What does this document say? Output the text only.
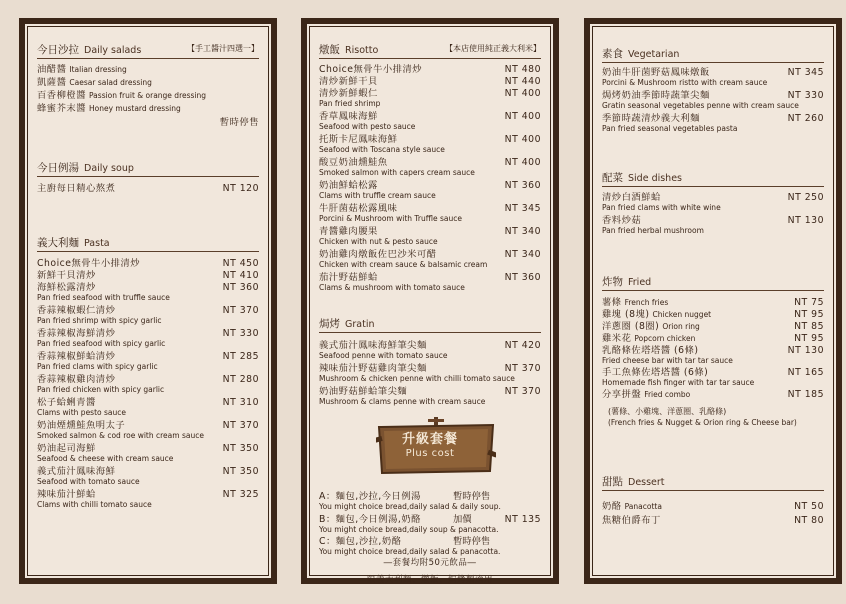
今日沙拉 Daily salads	【手工醬汁四選一】
油醋醬 Italian dressing
凱薩醬 Caesar salad dressing
百香柳橙醬 Passion fruit & orange dressing
蜂蜜芥末醬 Honey mustard dressing
暫時停售
今日例湯 Daily soup
主廚每日精心熬煮	NT 120
義大利麵 Pasta
Choice無骨牛小排清炒	NT 450
新鮮干貝清炒	NT 410
海鮮松露清炒	NT 360
Pan fried seafood with truffle sauce
香蒜辣椒蝦仁清炒	NT 370
Pan fried shrimp with spicy garlic
香蒜辣椒海鮮清炒	NT 330
Pan fried seafood with spicy garlic
香蒜辣椒鮮蛤清炒	NT 285
Pan fried clams with spicy garlic
香蒜辣椒雞肉清炒	NT 280
Pan fried chicken with spicy garlic
松子蛤蜊青醬	NT 310
Clams with pesto sauce
奶油煙燻鮭魚明太子	NT 370
Smoked salmon & cod roe with cream sauce
奶油起司海鮮	NT 350
Seafood & cheese with cream sauce
義式茄汁鳳味海鮮	NT 350
Seafood with tomato sauce
辣味茄汁鮮蛤	NT 325
Clams with chilli tomato sauce
燉飯 Risotto	【本店使用純正義大利米】
Choice無骨牛小排清炒	NT 480
清炒新鮮干貝	NT 440
清炒新鮮蝦仁	NT 400
Pan fried shrimp
香草鳳味海鮮	NT 400
Seafood with pesto sauce
托斯卡尼鳳味海鮮	NT 400
Seafood with Toscana style sauce
酸豆奶油燻鮭魚	NT 400
Smoked salmon with capers cream sauce
奶油鮮蛤松露	NT 360
Clams with truffle cream sauce
牛肝菌菇松露風味	NT 345
Porcini & Mushroom with Truffle sauce
青醬雞肉腰果	NT 340
Chicken with nut & pesto sauce
奶油雞肉燉飯佐巴沙米可醋	NT 340
Chicken with cream sauce & balsamic cream
茄汁野菇鮮蛤	NT 360
Clams & mushroom with tomato sauce
焗烤 Gratin
義式茄汁鳳味海鮮筆尖麵	NT 420
Seafood penne with tomato sauce
辣味茄汁野菇雞肉筆尖麵	NT 370
Mushroom & chicken penne with chilli tomato sauce
奶油野菇鮮蛤筆尖麵	NT 370
Mushroom & clams penne with cream sauce
升級套餐
Plus cost
A：麵包,沙拉,今日例湯	暫時停售
You might choice bread,daily salad & daily soup.
B：麵包,今日例湯,奶酪	加價	NT 135
You might choice bread,daily soup & panacotta.
C：麵包,沙拉,奶酪	暫時停售
You might choice bread,daily salad & panacotta.
―套餐均附50元飲品―
―限義大利麵、燉飯、焗烤類適用―
素食 Vegetarian
奶油牛肝菌野菇鳳味燉飯	NT 345
Porcini & Mushroom ristto with cream sauce
焗烤奶油季節時蔬筆尖麵	NT 330
Gratin seasonal vegetables penne with cream sauce
季節時蔬清炒義大利麵	NT 260
Pan fried seasonal vegetables pasta
配菜 Side dishes
清炒白酒鮮蛤	NT 250
Pan fried clams with white wine
香料炒菇	NT 130
Pan fried herbal mushroom
炸物 Fried
薯條 French fries	NT 75
雞塊 (8塊) Chicken nugget	NT 95
洋蔥圈 (8圈) Orion ring	NT 85
雞米花 Popcorn chicken	NT 95
乳酪條佐塔塔醬 (6條)	NT 130
Fried cheese bar with tar tar sauce
手工魚條佐塔塔醬 (6條)	NT 165
Homemade fish finger with tar tar sauce
分享拼盤 Fried combo	NT 185
(薯條、小雞塊、洋蔥圈、乳酪條)
(French fries & Nugget & Orion ring & Cheese bar)
甜點 Dessert
奶酪 Panacotta	NT 50
焦糖伯爵布丁	NT 80
